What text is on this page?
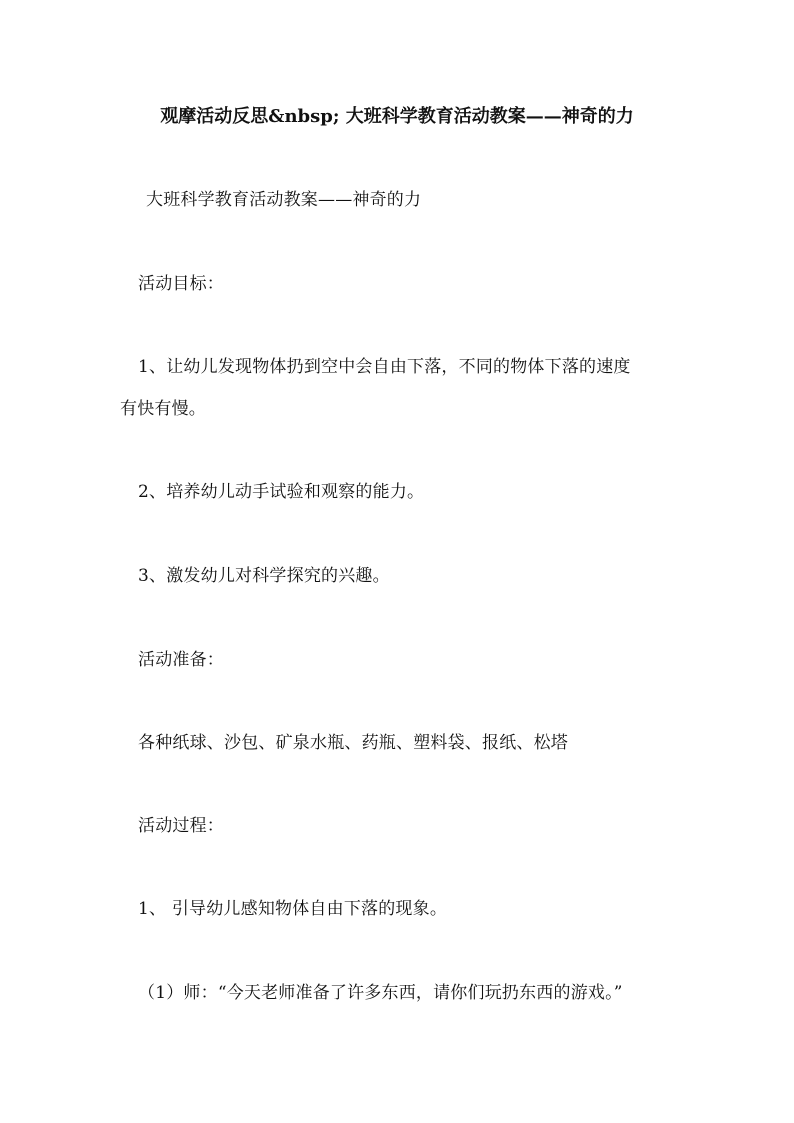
观摩活动反思&nbsp; 大班科学教育活动教案——神奇的力
大班科学教育活动教案——神奇的力
活动目标：
1、让幼儿发现物体扔到空中会自由下落，不同的物体下落的速度
有快有慢。
2、培养幼儿动手试验和观察的能力。
3、激发幼儿对科学探究的兴趣。
活动准备：
各种纸球、沙包、矿泉水瓶、药瓶、塑料袋、报纸、松塔
活动过程：
1、 引导幼儿感知物体自由下落的现象。
（1）师：“今天老师准备了许多东西，请你们玩扔东西的游戏。”
